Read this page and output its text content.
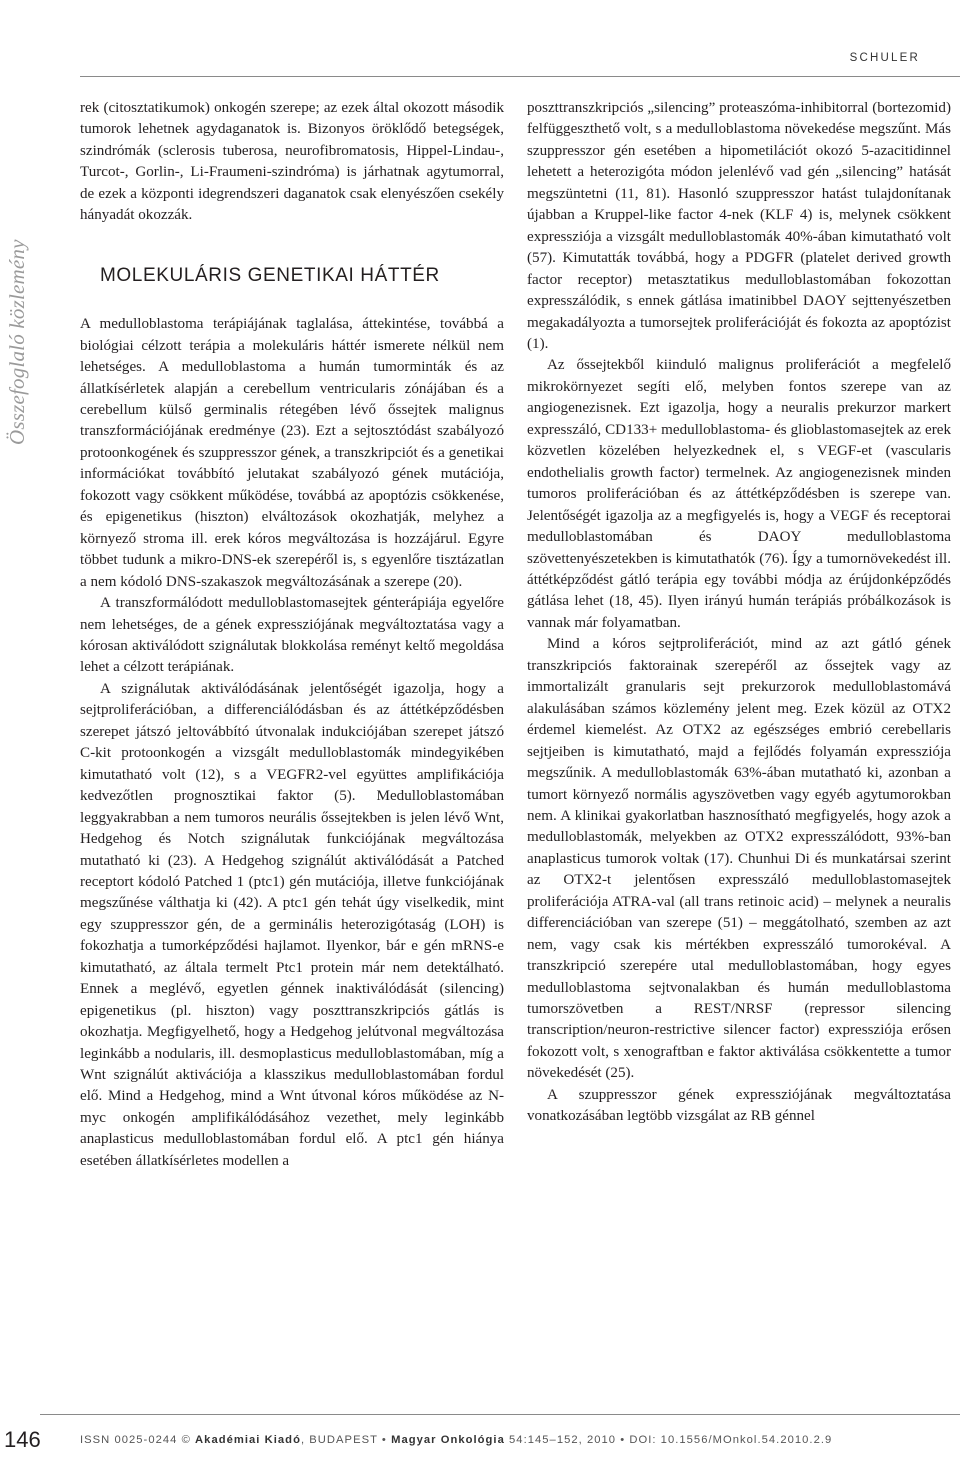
SCHULER
Összefoglaló közlemény

rek (citosztatikumok) onkogén szerepe; az ezek által okozott második tumorok lehetnek agydaganatok is. Bizonyos öröklődő betegségek, szindrómák (sclerosis tuberosa, neurofibromatosis, Hippel-Lindau-, Turcot-, Gorlin-, Li-Fraumeni-szindróma) is járhatnak agytumorral, de ezek a központi idegrendszeri daganatok csak elenyészően csekély hányadát okozzák.

MOLEKULÁRIS GENETIKAI HÁTTÉR

A medulloblastoma terápiájának taglalása, áttekintése, továbbá a biológiai célzott terápia a molekuláris háttér ismerete nélkül nem lehetséges. A medulloblastoma a humán tumorminták és az állatkísérletek alapján a cerebellum ventricularis zónájában és a cerebellum külső germinalis rétegében lévő őssejtek malignus transzformációjának eredménye (23). Ezt a sejtosztódást szabályozó protoonkogének és szuppresszor gének, a transzkripciót és a genetikai információkat továbbító jelutakat szabályozó gének mutációja, fokozott vagy csökkent működése, továbbá az apoptózis csökkenése, és epigenetikus (hiszton) elváltozások okozhatják, melyhez a környező stroma ill. erek kóros megváltozása is hozzájárul. Egyre többet tudunk a mikro-DNS-ek szerepéről is, s egyenlőre tisztázatlan a nem kódoló DNS-szakaszok megváltozásának a szerepe (20).

A transzformálódott medulloblastomasejtek génterápiája egyelőre nem lehetséges, de a gének expressziójának megváltoztatása vagy a kórosan aktiválódott szignálutak blokkolása reményt keltő megoldása lehet a célzott terápiának.

A szignálutak aktiválódásának jelentőségét igazolja, hogy a sejtproliferációban, a differenciálódásban és az áttétképződésben szerepet játszó jeltovábbító útvonalak indukciójában szerepet játszó C-kit protoonkogén a vizsgált medulloblastomák mindegyikében kimutatható volt (12), s a VEGFR2-vel együttes amplifikációja kedvezőtlen prognosztikai faktor (5). Medulloblastomában leggyakrabban a nem tumoros neurális őssejtekben is jelen lévő Wnt, Hedgehog és Notch szignálutak funkciójának megváltozása mutatható ki (23). A Hedgehog szignálút aktiválódását a Patched receptort kódoló Patched 1 (ptc1) gén mutációja, illetve funkciójának megszűnése válthatja ki (42). A ptc1 gén tehát úgy viselkedik, mint egy szuppresszor gén, de a germinális heterozigótaság (LOH) is fokozhatja a tumorképződési hajlamot. Ilyenkor, bár e gén mRNS-e kimutatható, az általa termelt Ptc1 protein már nem detektálható. Ennek a meglévő, egyetlen génnek inaktiválódását (silencing) epigenetikus (pl. hiszton) vagy poszttranszkripciós gátlás is okozhatja. Megfigyelhető, hogy a Hedgehog jelútvonal megváltozása leginkább a nodularis, ill. desmoplasticus medulloblastomában, míg a Wnt szignálút aktivációja a klasszikus medulloblastomában fordul elő. Mind a Hedgehog, mind a Wnt útvonal kóros működése az N-myc onkogén amplifikálódásához vezethet, mely leginkább anaplasticus medulloblastomában fordul elő. A ptc1 gén hiánya esetében állatkísérletes modellen a

poszttranszkripciós „silencing” proteaszóma-inhibitorral (bortezomid) felfüggeszthető volt, s a medulloblastoma növekedése megszűnt. Más szuppresszor gén esetében a hipometilációt okozó 5-azacitidinnel lehetett a heterozigóta módon jelenlévő vad gén „silencing” hatását megszüntetni (11, 81). Hasonló szuppresszor hatást tulajdonítanak újabban a Kruppel-like factor 4-nek (KLF 4) is, melynek csökkent expressziója a vizsgált medulloblastomák 40%-ában kimutatható volt (57). Kimutatták továbbá, hogy a PDGFR (platelet derived growth factor receptor) metasztatikus medulloblastomában fokozottan expresszálódik, s ennek gátlása imatinibbel DAOY sejttenyészetben megakadályozta a tumorsejtek proliferációját és fokozta az apoptózist (1).

Az őssejtekből kiinduló malignus proliferációt a megfelelő mikrokörnyezet segíti elő, melyben fontos szerepe van az angiogenezisnek. Ezt igazolja, hogy a neuralis prekurzor markert expresszáló, CD133+ medulloblastoma- és glioblastomasejtek az erek közvetlen közelében helyezkednek el, s VEGF-et (vascularis endothelialis growth factor) termelnek. Az angiogenezisnek minden tumoros proliferációban és az áttétképződésben is szerepe van. Jelentőségét igazolja az a megfigyelés is, hogy a VEGF és receptorai medulloblastomában és DAOY medulloblastoma szövettenyészetekben is kimutathatók (76). Így a tumornövekedést ill. áttétképződést gátló terápia egy további módja az érújdonképződés gátlása lehet (18, 45). Ilyen irányú humán terápiás próbálkozások is vannak már folyamatban.

Mind a kóros sejtproliferációt, mind az azt gátló gének transzkripciós faktorainak szerepéről az őssejtek vagy az immortalizált granularis sejt prekurzorok medulloblastomává alakulásában számos közlemény jelent meg. Ezek közül az OTX2 érdemel kiemelést. Az OTX2 az egészséges embrió cerebellaris sejtjeiben is kimutatható, majd a fejlődés folyamán expressziója megszűnik. A medulloblastomák 63%-ában mutatható ki, azonban a tumort környező normális agyszövetben vagy egyéb agytumorokban nem. A klinikai gyakorlatban hasznosítható megfigyelés, hogy azok a medulloblastomák, melyekben az OTX2 expresszálódott, 93%-ban anaplasticus tumorok voltak (17). Chunhui Di és munkatársai szerint az OTX2-t jelentősen expresszáló medulloblastomasejtek proliferációja ATRA-val (all trans retinoic acid) – melynek a neuralis differenciációban van szerepe (51) – meggátolható, szemben az azt nem, vagy csak kis mértékben expresszáló tumorokéval. A transzkripció szerepére utal medulloblastomában, hogy egyes medulloblastoma sejtvonalakban és humán medulloblastoma tumorszövetben a REST/NRSF (repressor silencing transcription/neuron-restrictive silencer factor) expressziója erősen fokozott volt, s xenograftban e faktor aktiválása csökkentette a tumor növekedését (25).

A szuppresszor gének expressziójának megváltoztatása vonatkozásában legtöbb vizsgálat az RB génnel

146	ISSN 0025-0244 © Akadémiai Kiadó, BUDAPEST • Magyar Onkológia 54:145–152, 2010 • DOI: 10.1556/MOnkol.54.2010.2.9
